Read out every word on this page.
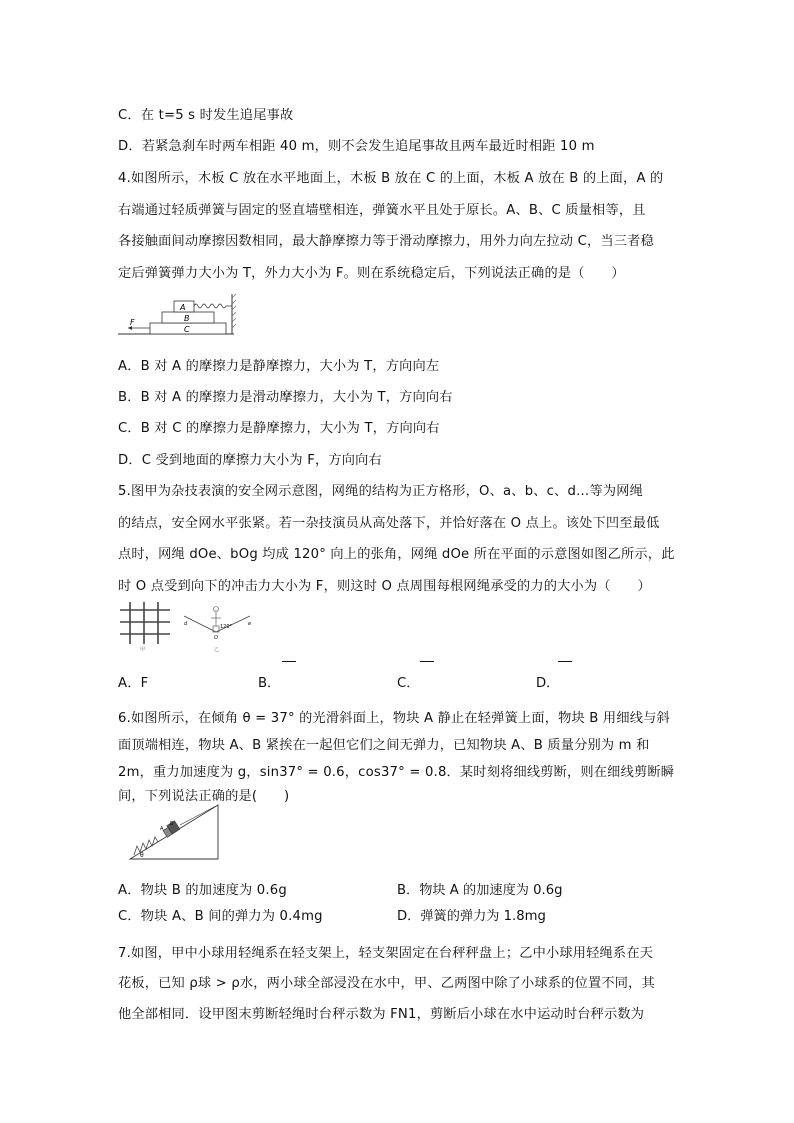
C．在 t=5 s 时发生追尾事故
D．若紧急刹车时两车相距 40 m，则不会发生追尾事故且两车最近时相距 10 m
4.如图所示，木板 C 放在水平地面上，木板 B 放在 C 的上面，木板 A 放在 B 的上面，A 的
右端通过轻质弹簧与固定的竖直墙壁相连，弹簧水平且处于原长。A、B、C 质量相等，且
各接触面间动摩擦因数相同，最大静摩擦力等于滑动摩擦力，用外力向左拉动 C，当三者稳
定后弹簧弹力大小为 T，外力大小为 F。则在系统稳定后，下列说法正确的是（　　）
A
B
C
F
A．B 对 A 的摩擦力是静摩擦力，大小为 T，方向向左
B．B 对 A 的摩擦力是滑动摩擦力，大小为 T，方向向右
C．B 对 C 的摩擦力是静摩擦力，大小为 T，方向向右
D．C 受到地面的摩擦力大小为 F，方向向右
5.图甲为杂技表演的安全网示意图，网绳的结构为正方格形，O、a、b、c、d…等为网绳
的结点，安全网水平张紧。若一杂技演员从高处落下，并恰好落在 O 点上。该处下凹至最低
点时，网绳 dOe、bOg 均成 120° 向上的张角，网绳 dOe 所在平面的示意图如图乙所示，此
时 O 点受到向下的冲击力大小为 F，则这时 O 点周围每根网绳承受的力的大小为（　　）
甲
d	e
O
120°
乙
A．F	B．	C．	D．
6.如图所示，在倾角 θ = 37° 的光滑斜面上，物块 A 静止在轻弹簧上面，物块 B 用细线与斜
面顶端相连，物块 A、B 紧挨在一起但它们之间无弹力，已知物块 A、B 质量分别为 m 和
2m，重力加速度为 g，sin37° = 0.6，cos37° = 0.8．某时刻将细线剪断，则在细线剪断瞬
间，下列说法正确的是(　　)
A
B
θ
A．物块 B 的加速度为 0.6g	B．物块 A 的加速度为 0.6g
C．物块 A、B 间的弹力为 0.4mg	D．弹簧的弹力为 1.8mg
7.如图，甲中小球用轻绳系在轻支架上，轻支架固定在台秤秤盘上；乙中小球用轻绳系在天
花板，已知 ρ球 > ρ水，两小球全部浸没在水中，甲、乙两图中除了小球系的位置不同，其
他全部相同．设甲图末剪断轻绳时台秤示数为 FN1，剪断后小球在水中运动时台秤示数为
